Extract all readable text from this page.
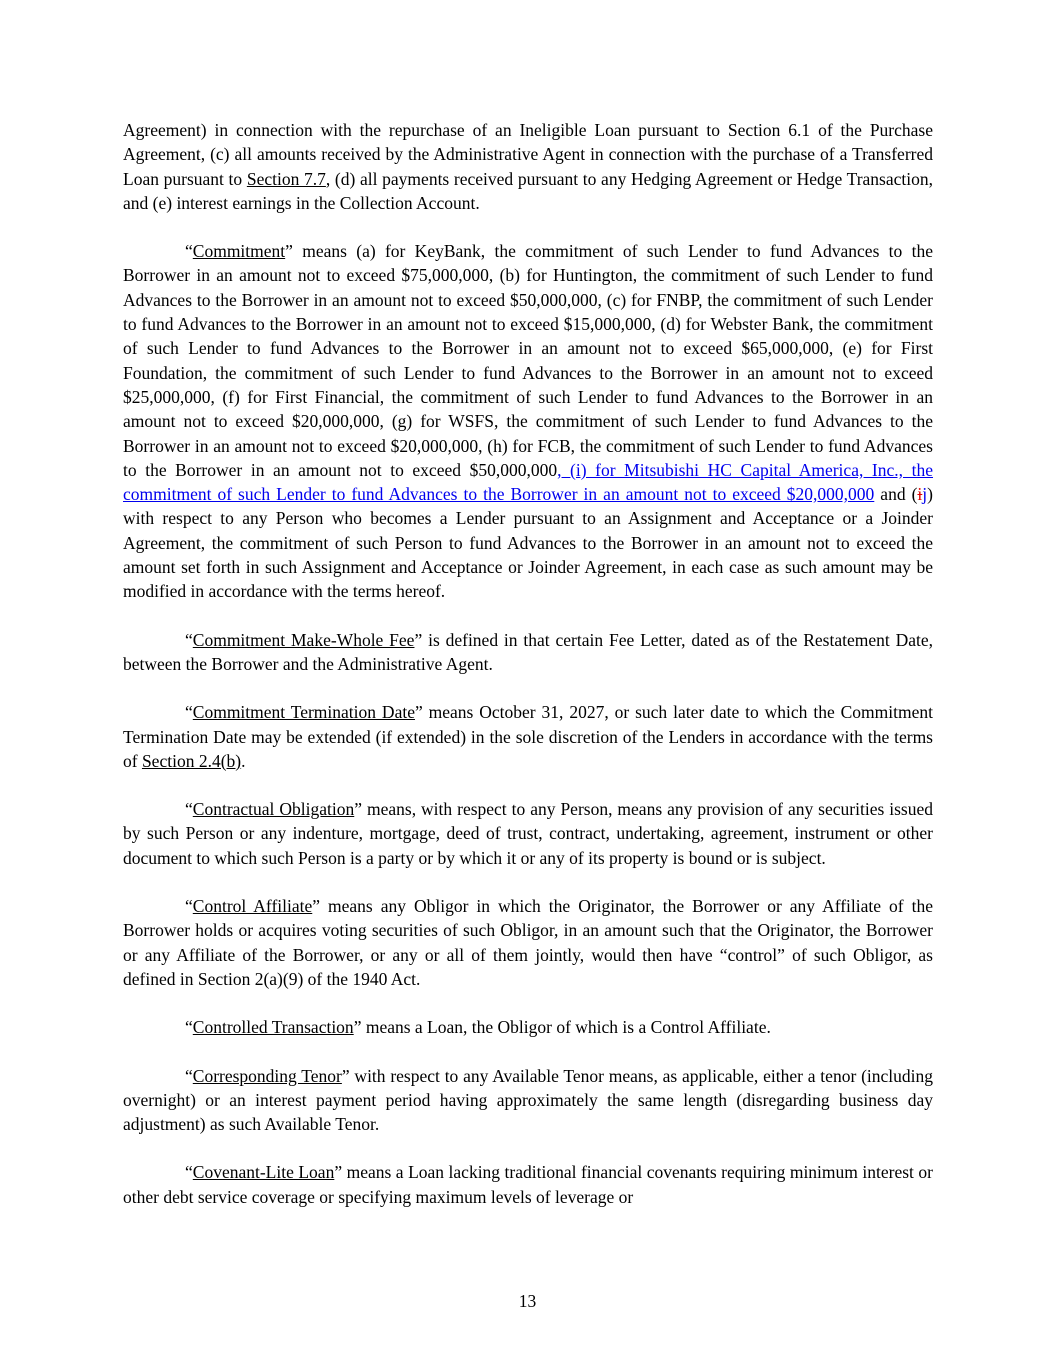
Agreement) in connection with the repurchase of an Ineligible Loan pursuant to Section 6.1 of the Purchase Agreement, (c) all amounts received by the Administrative Agent in connection with the purchase of a Transferred Loan pursuant to Section 7.7, (d) all payments received pursuant to any Hedging Agreement or Hedge Transaction, and (e) interest earnings in the Collection Account.

“Commitment” means (a) for KeyBank, the commitment of such Lender to fund Advances to the Borrower in an amount not to exceed $75,000,000, (b) for Huntington, the commitment of such Lender to fund Advances to the Borrower in an amount not to exceed $50,000,000, (c) for FNBP, the commitment of such Lender to fund Advances to the Borrower in an amount not to exceed $15,000,000, (d) for Webster Bank, the commitment of such Lender to fund Advances to the Borrower in an amount not to exceed $65,000,000, (e) for First Foundation, the commitment of such Lender to fund Advances to the Borrower in an amount not to exceed $25,000,000, (f) for First Financial, the commitment of such Lender to fund Advances to the Borrower in an amount not to exceed $20,000,000, (g) for WSFS, the commitment of such Lender to fund Advances to the Borrower in an amount not to exceed $20,000,000, (h) for FCB, the commitment of such Lender to fund Advances to the Borrower in an amount not to exceed $50,000,000, (i) for Mitsubishi HC Capital America, Inc., the commitment of such Lender to fund Advances to the Borrower in an amount not to exceed $20,000,000 and (ij) with respect to any Person who becomes a Lender pursuant to an Assignment and Acceptance or a Joinder Agreement, the commitment of such Person to fund Advances to the Borrower in an amount not to exceed the amount set forth in such Assignment and Acceptance or Joinder Agreement, in each case as such amount may be modified in accordance with the terms hereof.

“Commitment Make-Whole Fee” is defined in that certain Fee Letter, dated as of the Restatement Date, between the Borrower and the Administrative Agent.

“Commitment Termination Date” means October 31, 2027, or such later date to which the Commitment Termination Date may be extended (if extended) in the sole discretion of the Lenders in accordance with the terms of Section 2.4(b).

“Contractual Obligation” means, with respect to any Person, means any provision of any securities issued by such Person or any indenture, mortgage, deed of trust, contract, undertaking, agreement, instrument or other document to which such Person is a party or by which it or any of its property is bound or is subject.

“Control Affiliate” means any Obligor in which the Originator, the Borrower or any Affiliate of the Borrower holds or acquires voting securities of such Obligor, in an amount such that the Originator, the Borrower or any Affiliate of the Borrower, or any or all of them jointly, would then have “control” of such Obligor, as defined in Section 2(a)(9) of the 1940 Act.

“Controlled Transaction” means a Loan, the Obligor of which is a Control Affiliate.

“Corresponding Tenor” with respect to any Available Tenor means, as applicable, either a tenor (including overnight) or an interest payment period having approximately the same length (disregarding business day adjustment) as such Available Tenor.

“Covenant-Lite Loan” means a Loan lacking traditional financial covenants requiring minimum interest or other debt service coverage or specifying maximum levels of leverage or

13
